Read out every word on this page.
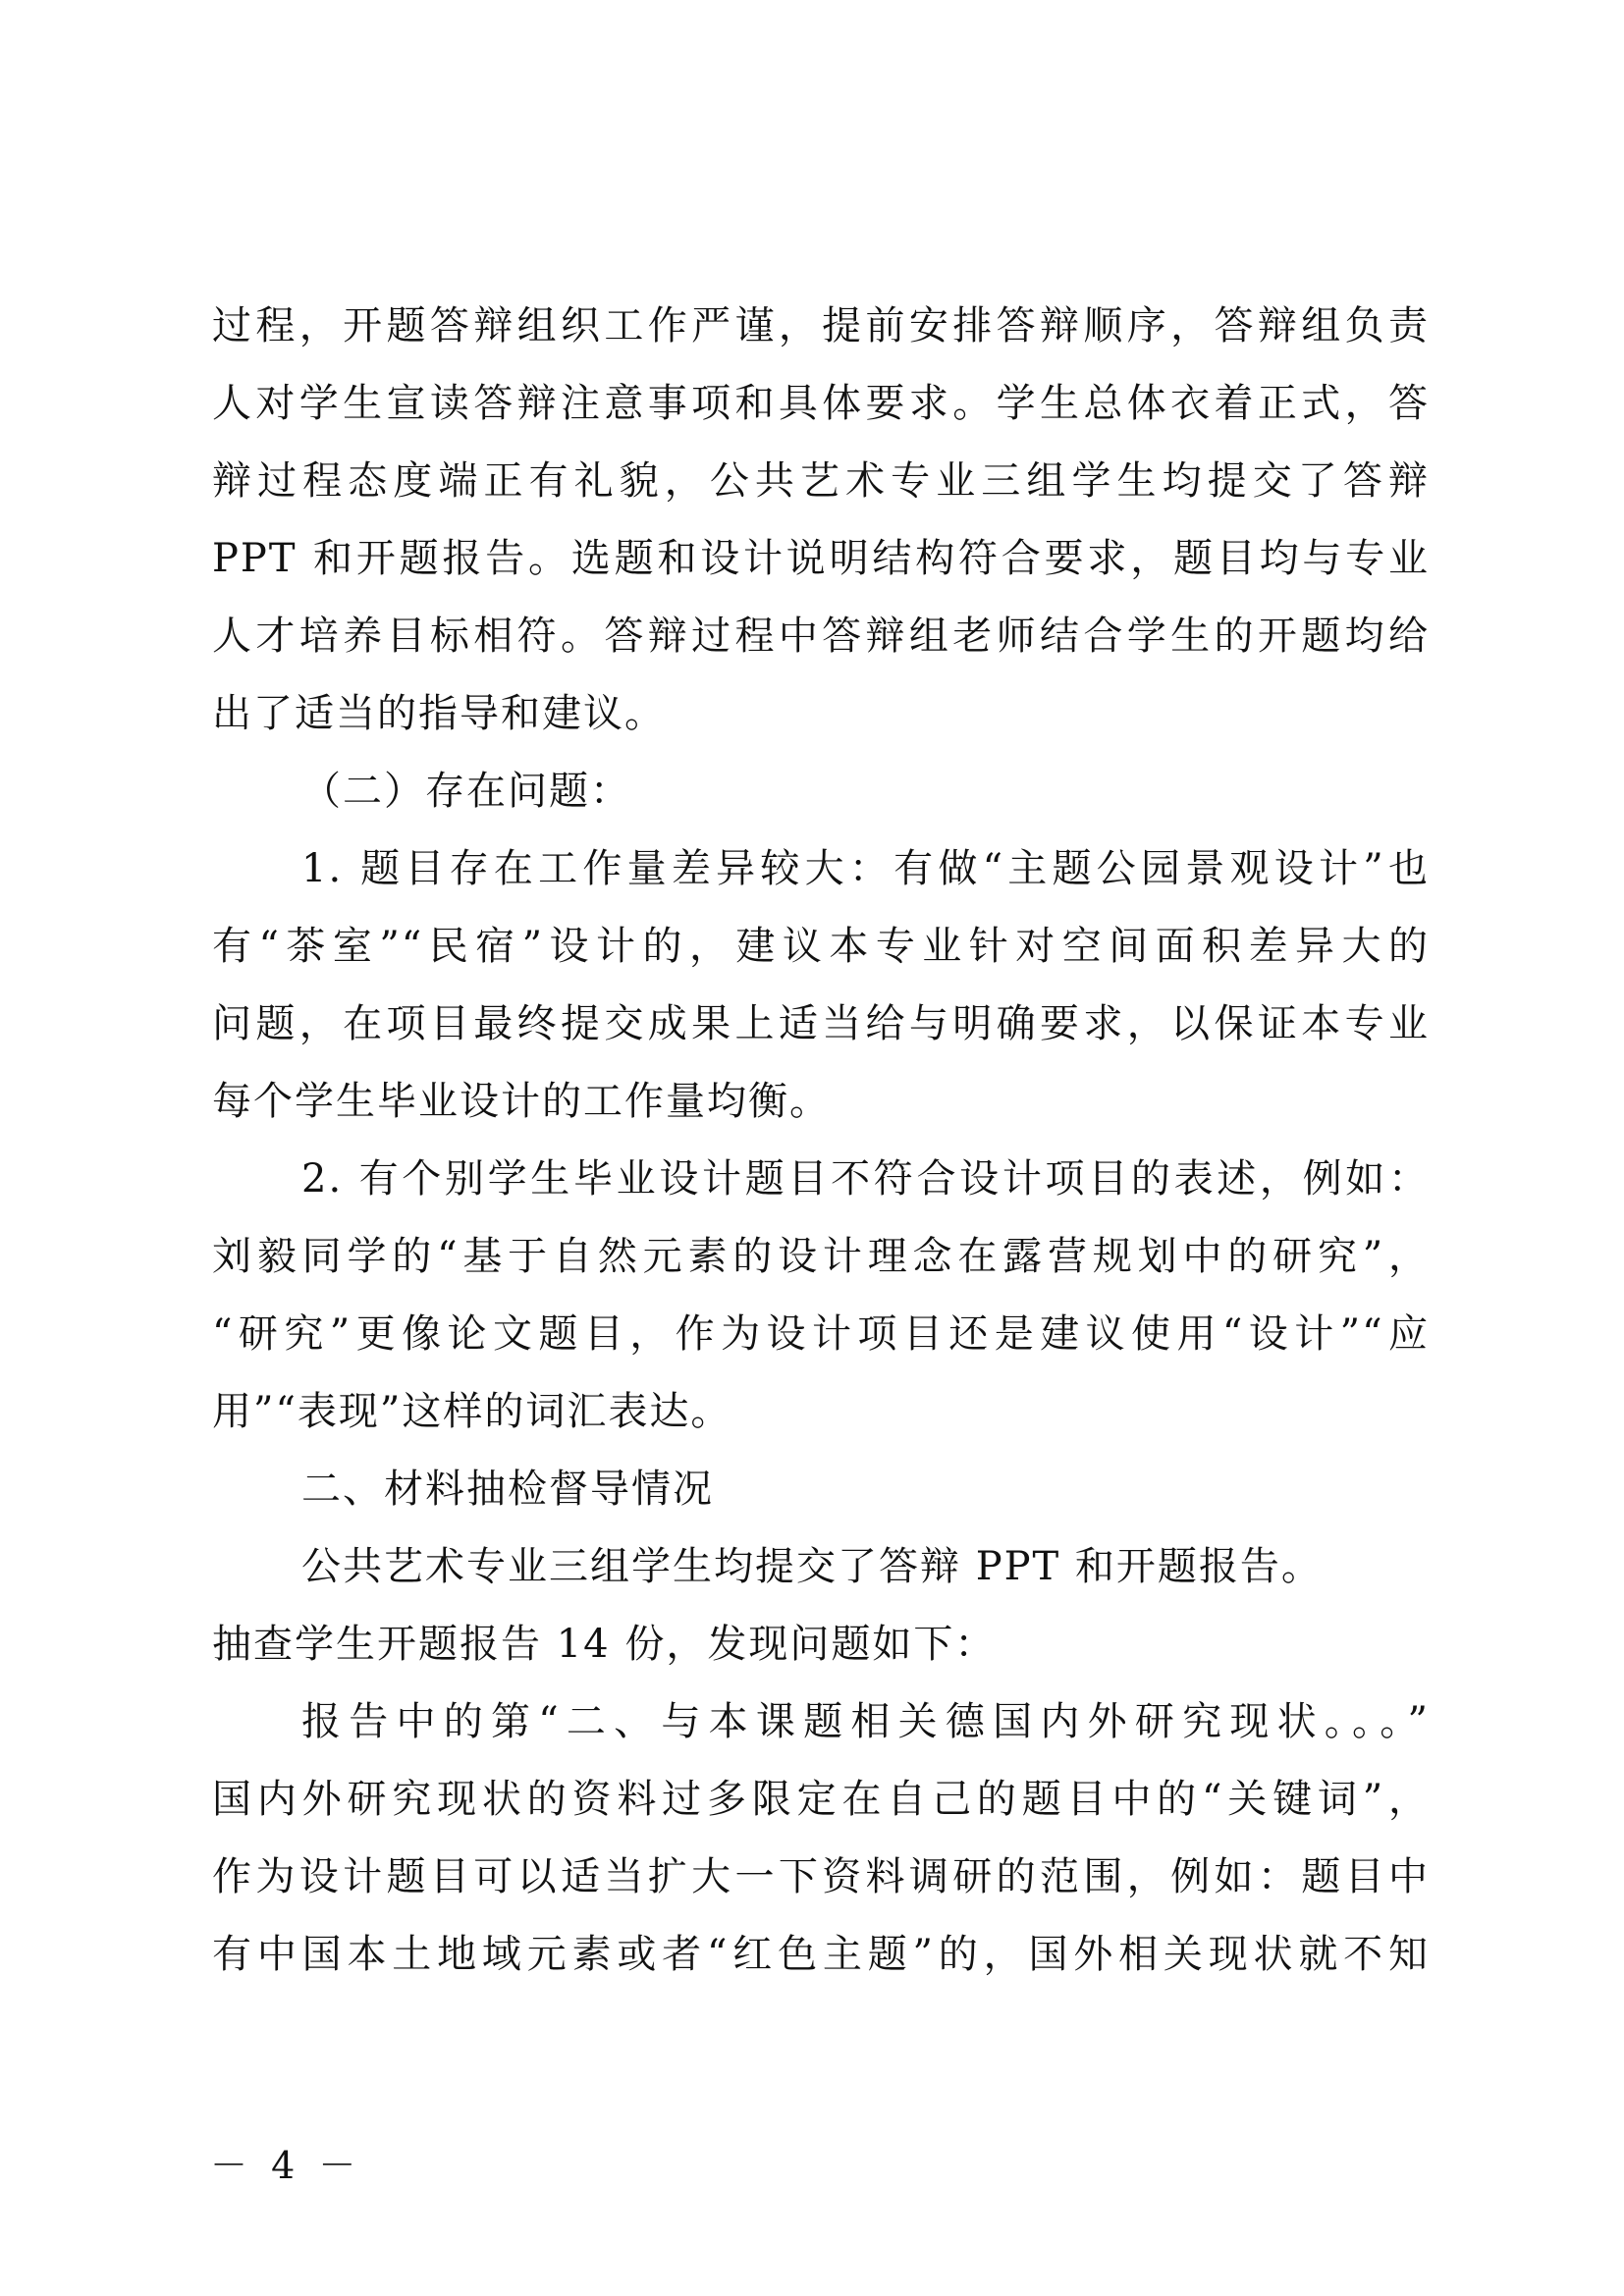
过程，开题答辩组织工作严谨，提前安排答辩顺序，答辩组负责
人对学生宣读答辩注意事项和具体要求。学生总体衣着正式，答
辩过程态度端正有礼貌，公共艺术专业三组学生均提交了答辩
PPT 和开题报告。选题和设计说明结构符合要求，题目均与专业
人才培养目标相符。答辩过程中答辩组老师结合学生的开题均给
出了适当的指导和建议。
（二）存在问题：
1. 题目存在工作量差异较大：有做“主题公园景观设计”也
有“茶室”“民宿”设计的，建议本专业针对空间面积差异大的
问题，在项目最终提交成果上适当给与明确要求，以保证本专业
每个学生毕业设计的工作量均衡。
2. 有个别学生毕业设计题目不符合设计项目的表述，例如：
刘毅同学的“基于自然元素的设计理念在露营规划中的研究”，
“研究”更像论文题目，作为设计项目还是建议使用“设计”“应
用”“表现”这样的词汇表达。
二、材料抽检督导情况
公共艺术专业三组学生均提交了答辩 PPT 和开题报告。
抽查学生开题报告 14 份，发现问题如下：
报告中的第“二、与本课题相关德国内外研究现状。。。”
国内外研究现状的资料过多限定在自己的题目中的“关键词”，
作为设计题目可以适当扩大一下资料调研的范围，例如：题目中
有中国本土地域元素或者“红色主题”的，国外相关现状就不知
－ 4 －
